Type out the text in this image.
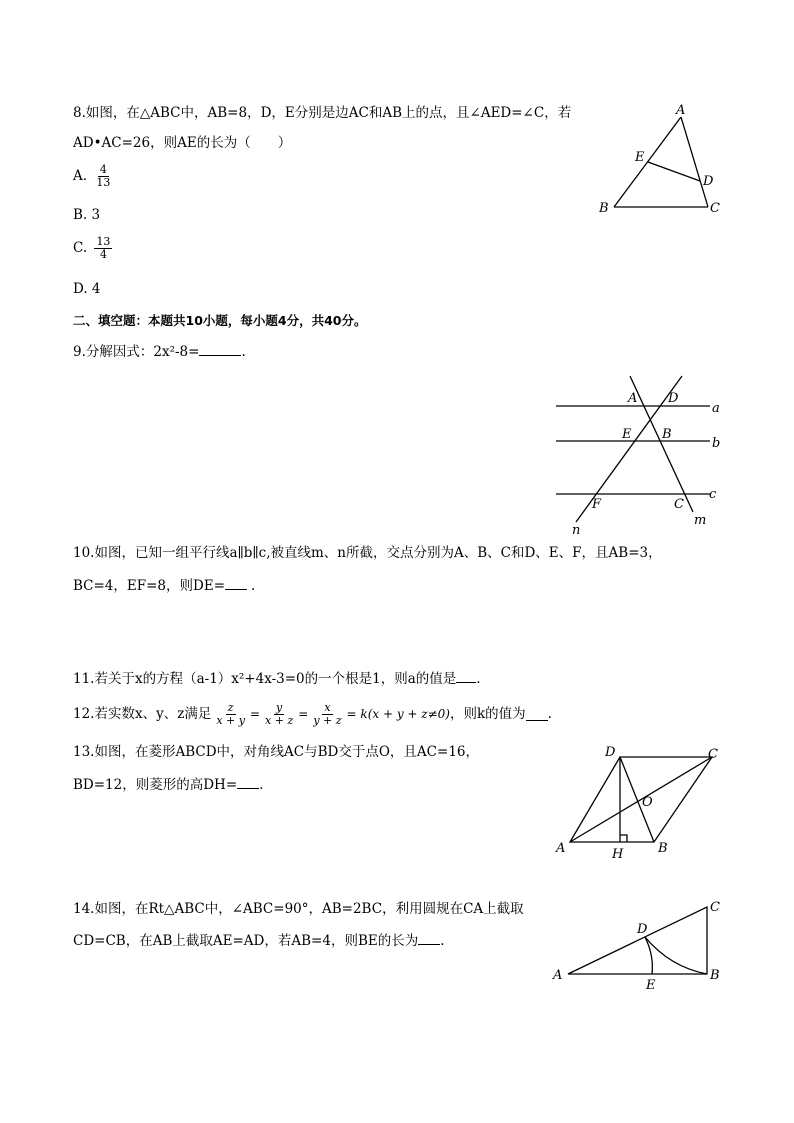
8.如图，在△ABC中，AB=8，D，E分别是边AC和AB上的点，且∠AED=∠C，若
AD•AC=26，则AE的长为（　　）
A. $\frac{4}{13}$
B. 3
C. $\frac{13}{4}$
D. 4
A
E
D
B	C
二、填空题：本题共10小题，每小题4分，共40分。
9.分解因式：2x²-8=	.
A D
E B
F	C
a
b
c
m
n
10.如图，已知一组平行线a∥b∥c,被直线m、n所截，交点分别为A、B、C和D、E、F，且AB=3，
BC=4，EF=8，则DE= .
11.若关于x的方程（a-1）x²+4x-3=0的一个根是1，则a的值是 .
12.若实数x、y、z满足 $\frac{z}{x + y} = \frac{y}{x + z} = \frac{x}{y + z} = k(x + y + z\ne 0)$ ，则k的值为 .
13.如图，在菱形ABCD中，对角线AC与BD交于点O，且AC=16，
BD=12，则菱形的高DH= .
D	C
O
A	B
H
14.如图，在Rt△ABC中，∠ABC=90°，AB=2BC，利用圆规在CA上截取
CD=CB，在AB上截取AE=AD，若AB=4，则BE的长为 .
A	B
C
D
E
